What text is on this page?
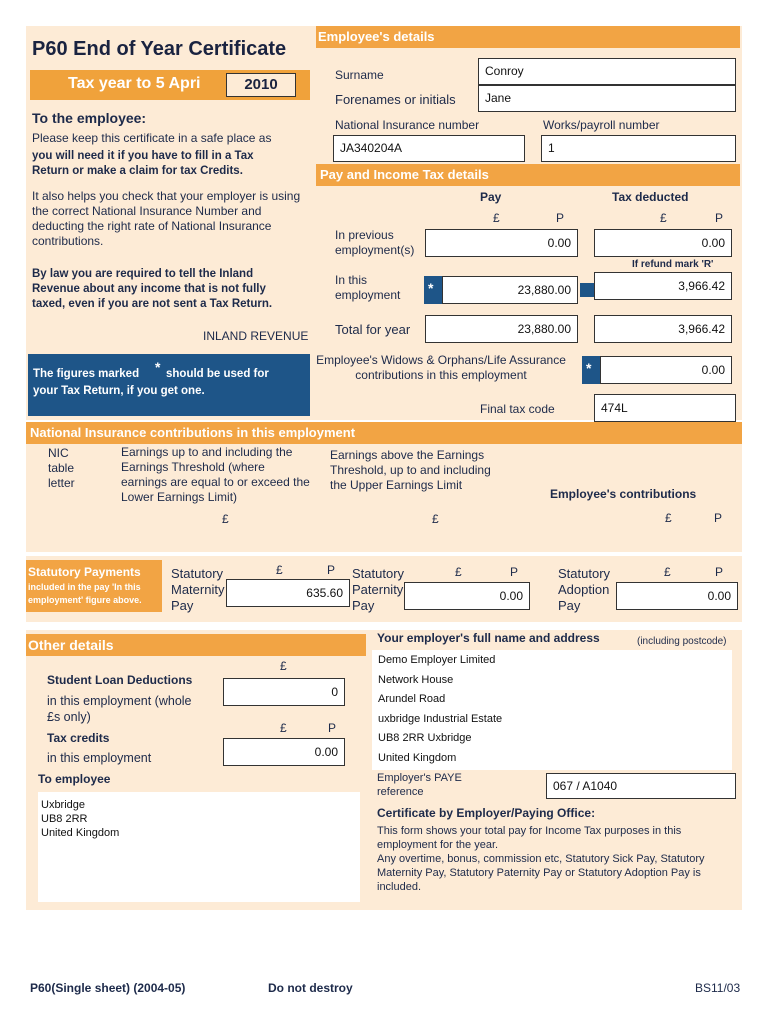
P60 End of Year Certificate
Tax year to 5 Apri	2010
To the employee:
Please keep this certificate in a safe place as
you will need it if you have to fill in a Tax Return or make a claim for tax Credits.
It also helps you check that your employer is using the correct National Insurance Number and deducting the right rate of National Insurance contributions.
By law you are required to tell the Inland Revenue about any income that is not fully taxed, even if you are not sent a Tax Return.
INLAND REVENUE
The figures marked * should be used for
your Tax Return, if you get one.
Employee's details
Surname	Conroy
Forenames or initials	Jane
National Insurance number	Works/payroll number
JA340204A	1
Pay and Income Tax details
Pay	Tax deducted
£	P	£	P
In previous employment(s)	0.00	0.00
If refund mark 'R'
In this employment	*	23,880.00	3,966.42
Total for year	23,880.00	3,966.42
Employee's Widows & Orphans/Life Assurance contributions in this employment	*	0.00
Final tax code	474L
National Insurance contributions in this employment
NIC table letter
Earnings up to and including the Earnings Threshold (where earnings are equal to or exceed the Lower Earnings Limit)
Earnings above the Earnings Threshold, up to and including the Upper Earnings Limit
Employee's contributions
£	£	£	P
Statutory Payments
included in the pay 'In this employment' figure above.
Statutory Maternity Pay
£	P
635.60
Statutory Paternity Pay
£	P
0.00
Statutory Adoption Pay
£	P
0.00
Other details
£
Student Loan Deductions
in this employment (whole £s only)
0
£	P
Tax credits
in this employment	0.00
To employee
Uxbridge
UB8 2RR
United Kingdom
Your employer's full name and address	(including postcode)
Demo Employer Limited
Network House
Arundel Road
uxbridge Industrial Estate
UB8 2RR Uxbridge
United Kingdom
Employer's PAYE reference	067 / A1040
Certificate by Employer/Paying Office:
This form shows your total pay for Income Tax purposes in this employment for the year.
Any overtime, bonus, commission etc, Statutory Sick Pay, Statutory Maternity Pay, Statutory Paternity Pay or Statutory Adoption Pay is included.
P60(Single sheet) (2004-05)	Do not destroy	BS11/03
